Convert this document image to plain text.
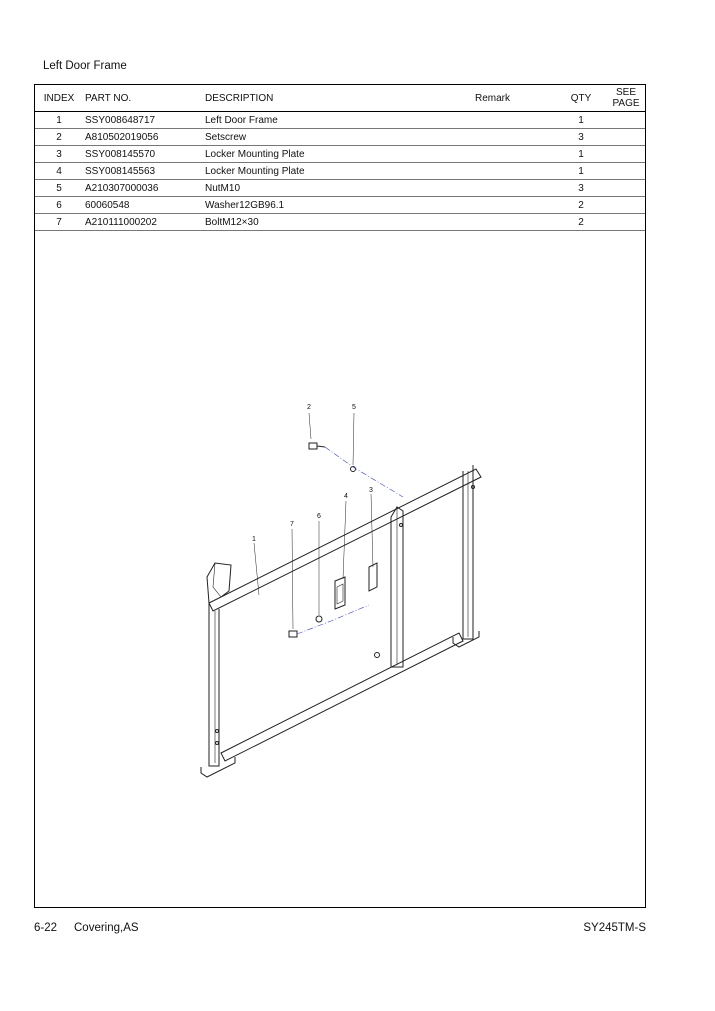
Left Door Frame
INDEX	PART NO.	DESCRIPTION	Remark	QTY	SEE
PAGE

1	SSY008648717	Left Door Frame		1	
2	A810502019056	Setscrew		3	
3	SSY008145570	Locker Mounting Plate		1	
4	SSY008145563	Locker Mounting Plate		1	
5	A210307000036	NutM10		3	
6	60060548	Washer12GB96.1		2	
7	A210111000202	BoltM12×30		2	
1
2
3
4
5
6
7
6-22 Covering,AS	SY245TM-S
